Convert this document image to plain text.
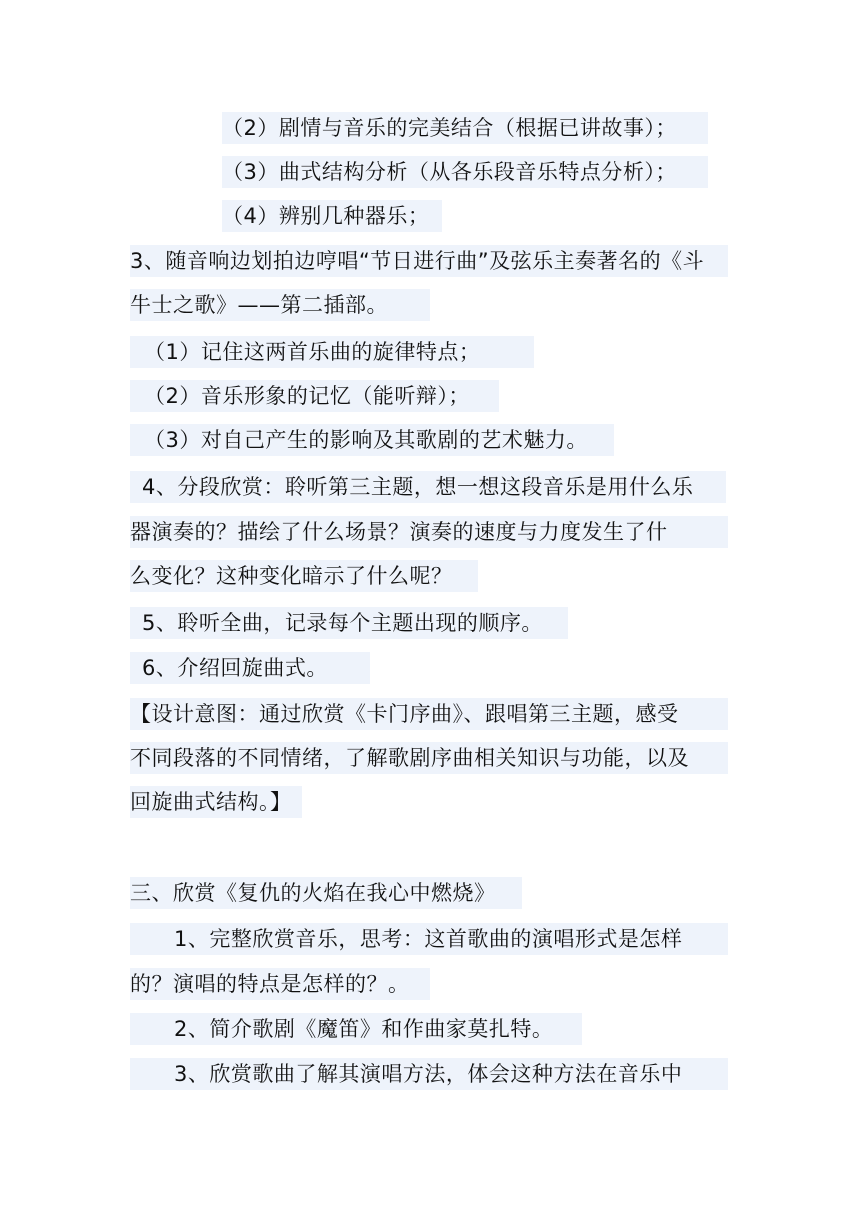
（2）剧情与音乐的完美结合（根据已讲故事）；
（3）曲式结构分析（从各乐段音乐特点分析）；
（4）辨别几种器乐；
3、随音响边划拍边哼唱“节日进行曲”及弦乐主奏著名的《斗
牛士之歌》——第二插部。
（1）记住这两首乐曲的旋律特点；
（2）音乐形象的记忆（能听辩）；
（3）对自己产生的影响及其歌剧的艺术魅力。
4、分段欣赏：聆听第三主题，想一想这段音乐是用什么乐
器演奏的？描绘了什么场景？演奏的速度与力度发生了什
么变化？这种变化暗示了什么呢？
5、聆听全曲，记录每个主题出现的顺序。
6、介绍回旋曲式。
【设计意图：通过欣赏《卡门序曲》、跟唱第三主题，感受
不同段落的不同情绪，了解歌剧序曲相关知识与功能，以及
回旋曲式结构。】
三、欣赏《复仇的火焰在我心中燃烧》
1、完整欣赏音乐，思考：这首歌曲的演唱形式是怎样
的？演唱的特点是怎样的？。
2、简介歌剧《魔笛》和作曲家莫扎特。
3、欣赏歌曲了解其演唱方法，体会这种方法在音乐中
